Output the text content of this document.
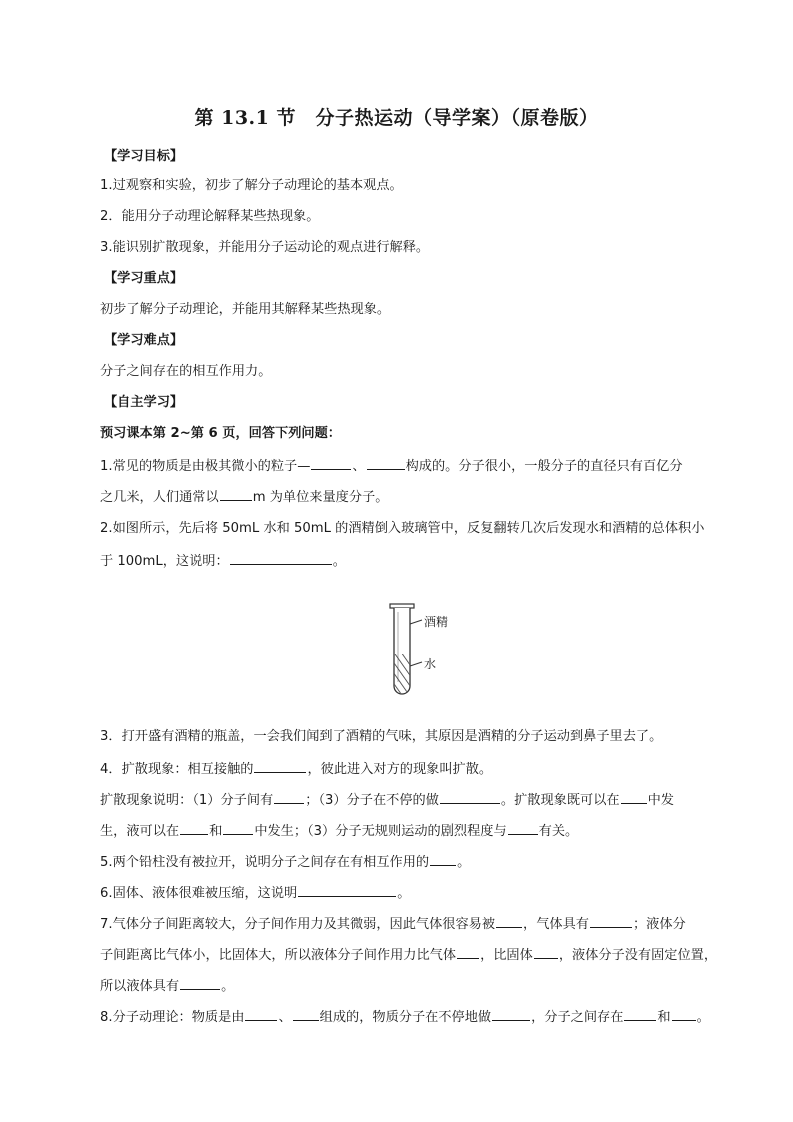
第 13.1 节　分子热运动（导学案）（原卷版）
【学习目标】
1.过观察和实验，初步了解分子动理论的基本观点。
2．能用分子动理论解释某些热现象。
3.能识别扩散现象，并能用分子运动论的观点进行解释。
【学习重点】
初步了解分子动理论，并能用其解释某些热现象。
【学习难点】
分子之间存在的相互作用力。
【自主学习】
预习课本第 2~第 6 页，回答下列问题：
1.常见的物质是由极其微小的粒子—	、	构成的。分子很小，一般分子的直径只有百亿分
之几米，人们通常以	m 为单位来量度分子。
2.如图所示，先后将 50mL 水和 50mL 的酒精倒入玻璃管中，反复翻转几次后发现水和酒精的总体积小
于 100mL，这说明：	。
酒精
水
3．打开盛有酒精的瓶盖，一会我们闻到了酒精的气味，其原因是酒精的分子运动到鼻子里去了。
4．扩散现象：相互接触的	，彼此进入对方的现象叫扩散。
扩散现象说明：（1）分子间有 ；（3）分子在不停的做	。扩散现象既可以在 中发
生，液可以在 和 中发生；（3）分子无规则运动的剧烈程度与 有关。
5.两个铅柱没有被拉开，说明分子之间存在有相互作用的 。
6.固体、液体很难被压缩，这说明	。
7.气体分子间距离较大，分子间作用力及其微弱，因此气体很容易被 ，气体具有	；液体分
子间距离比气体小，比固体大，所以液体分子间作用力比气体 ，比固体 ，液体分子没有固定位置，
所以液体具有	。
8.分子动理论：物质是由	、 组成的，物质分子在不停地做	，分子之间存在	和 。
